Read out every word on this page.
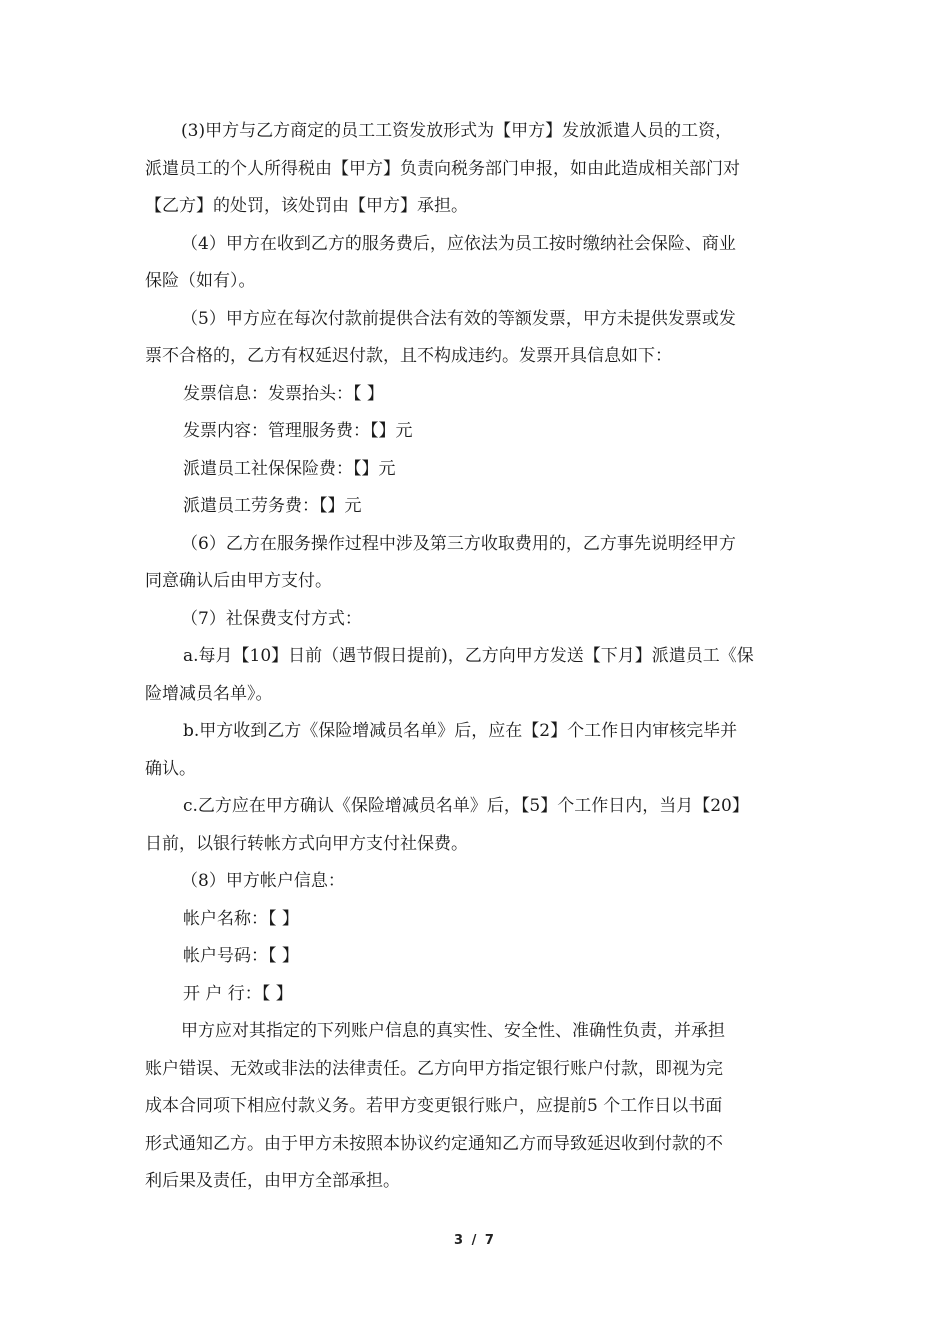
(3)甲方与乙方商定的员工工资发放形式为【甲方】发放派遣人员的工资，
派遣员工的个人所得税由【甲方】负责向税务部门申报，如由此造成相关部门对
【乙方】的处罚，该处罚由【甲方】承担。
（4）甲方在收到乙方的服务费后，应依法为员工按时缴纳社会保险、商业
保险（如有）。
（5）甲方应在每次付款前提供合法有效的等额发票，甲方未提供发票或发
票不合格的，乙方有权延迟付款，且不构成违约。发票开具信息如下：
发票信息：发票抬头：【 】
发票内容：管理服务费：【】元
派遣员工社保保险费：【】元
派遣员工劳务费：【】元
（6）乙方在服务操作过程中涉及第三方收取费用的，乙方事先说明经甲方
同意确认后由甲方支付。
（7）社保费支付方式：
a.每月【10】日前（遇节假日提前)，乙方向甲方发送【下月】派遣员工《保
险增减员名单》。
b.甲方收到乙方《保险增减员名单》后，应在【2】个工作日内审核完毕并
确认。
c.乙方应在甲方确认《保险增减员名单》后，【5】个工作日内，当月【20】
日前，以银行转帐方式向甲方支付社保费。
（8）甲方帐户信息：
帐户名称：【 】
帐户号码：【 】
开 户 行：【 】
甲方应对其指定的下列账户信息的真实性、安全性、准确性负责，并承担
账户错误、无效或非法的法律责任。乙方向甲方指定银行账户付款，即视为完
成本合同项下相应付款义务。若甲方变更银行账户，应提前5 个工作日以书面
形式通知乙方。由于甲方未按照本协议约定通知乙方而导致延迟收到付款的不
利后果及责任，由甲方全部承担。
3 / 7
